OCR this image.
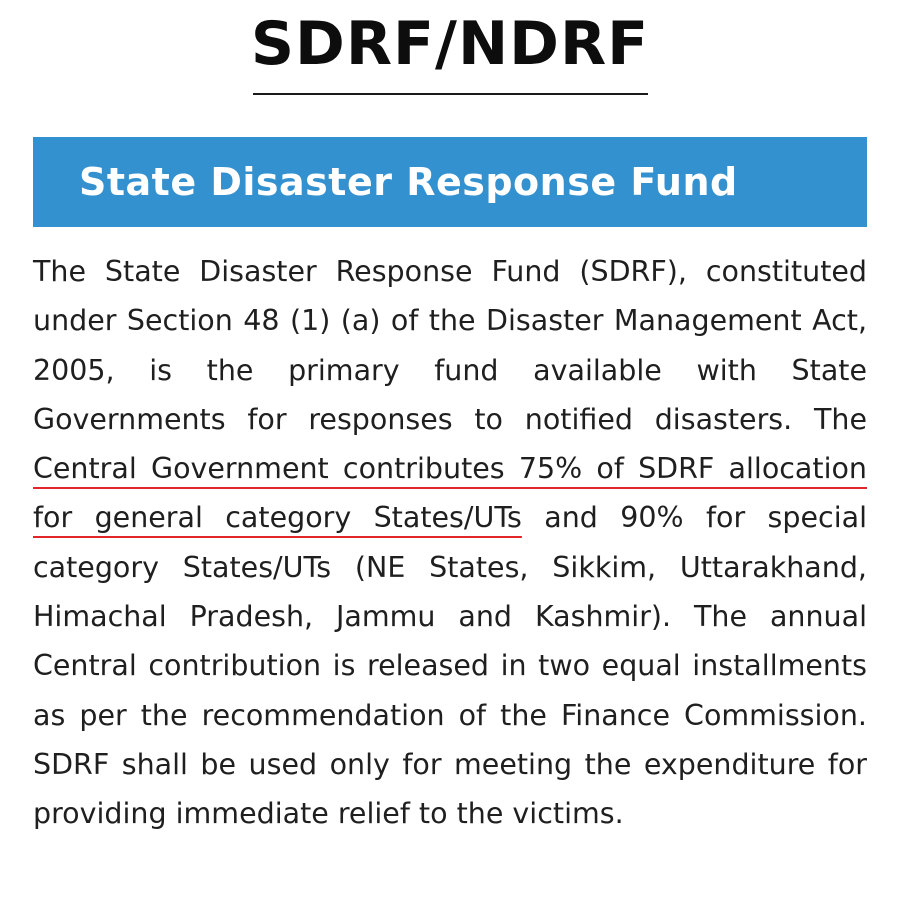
SDRF/NDRF
State Disaster Response Fund

The State Disaster Response Fund (SDRF), constituted under Section 48 (1) (a) of the Disaster Management Act, 2005, is the primary fund available with State Governments for responses to notified disasters. The Central Government contributes 75% of SDRF allocation for general category States/UTs and 90% for special category States/UTs (NE States, Sikkim, Uttarakhand, Himachal Pradesh, Jammu and Kashmir). The annual Central contribution is released in two equal installments as per the recommendation of the Finance Commission. SDRF shall be used only for meeting the expenditure for providing immediate relief to the victims.
